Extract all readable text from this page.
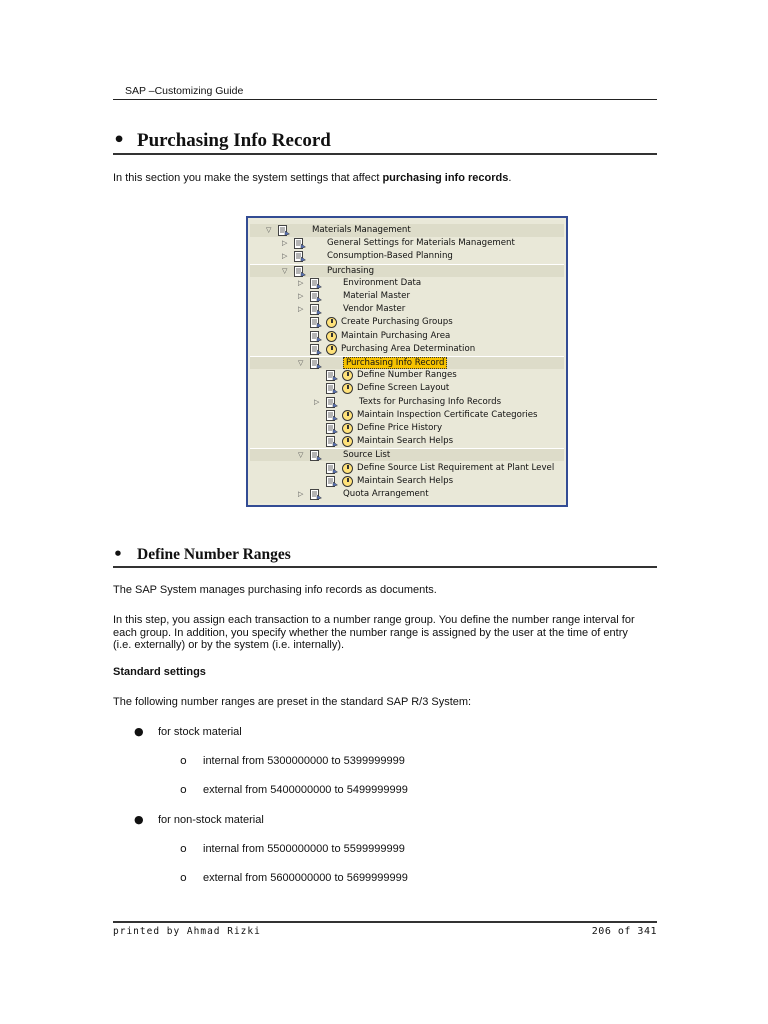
SAP –Customizing Guide
• Purchasing Info Record
In this section you make the system settings that affect purchasing info records.
▽	Materials Management
▷	General Settings for Materials Management
▷	Consumption-Based Planning
▽	Purchasing
▷	Environment Data
▷	Material Master
▷	Vendor Master
Create Purchasing Groups
Maintain Purchasing Area
Purchasing Area Determination
▽	Purchasing Info Record
Define Number Ranges
Define Screen Layout
▷	Texts for Purchasing Info Records
Maintain Inspection Certificate Categories
Define Price History
Maintain Search Helps
▽	Source List
Define Source List Requirement at Plant Level
Maintain Search Helps
▷	Quota Arrangement
• Define Number Ranges
The SAP System manages purchasing info records as documents.
In this step, you assign each transaction to a number range group. You define the number range interval for
each group. In addition, you specify whether the number range is assigned by the user at the time of entry
(i.e. externally) or by the system (i.e. internally).
Standard settings
The following number ranges are preset in the standard SAP R/3 System:
● for stock material
o internal from 5300000000 to 5399999999
o external from 5400000000 to 5499999999
● for non-stock material
o internal from 5500000000 to 5599999999
o external from 5600000000 to 5699999999
printed by Ahmad Rizki	206 of 341
